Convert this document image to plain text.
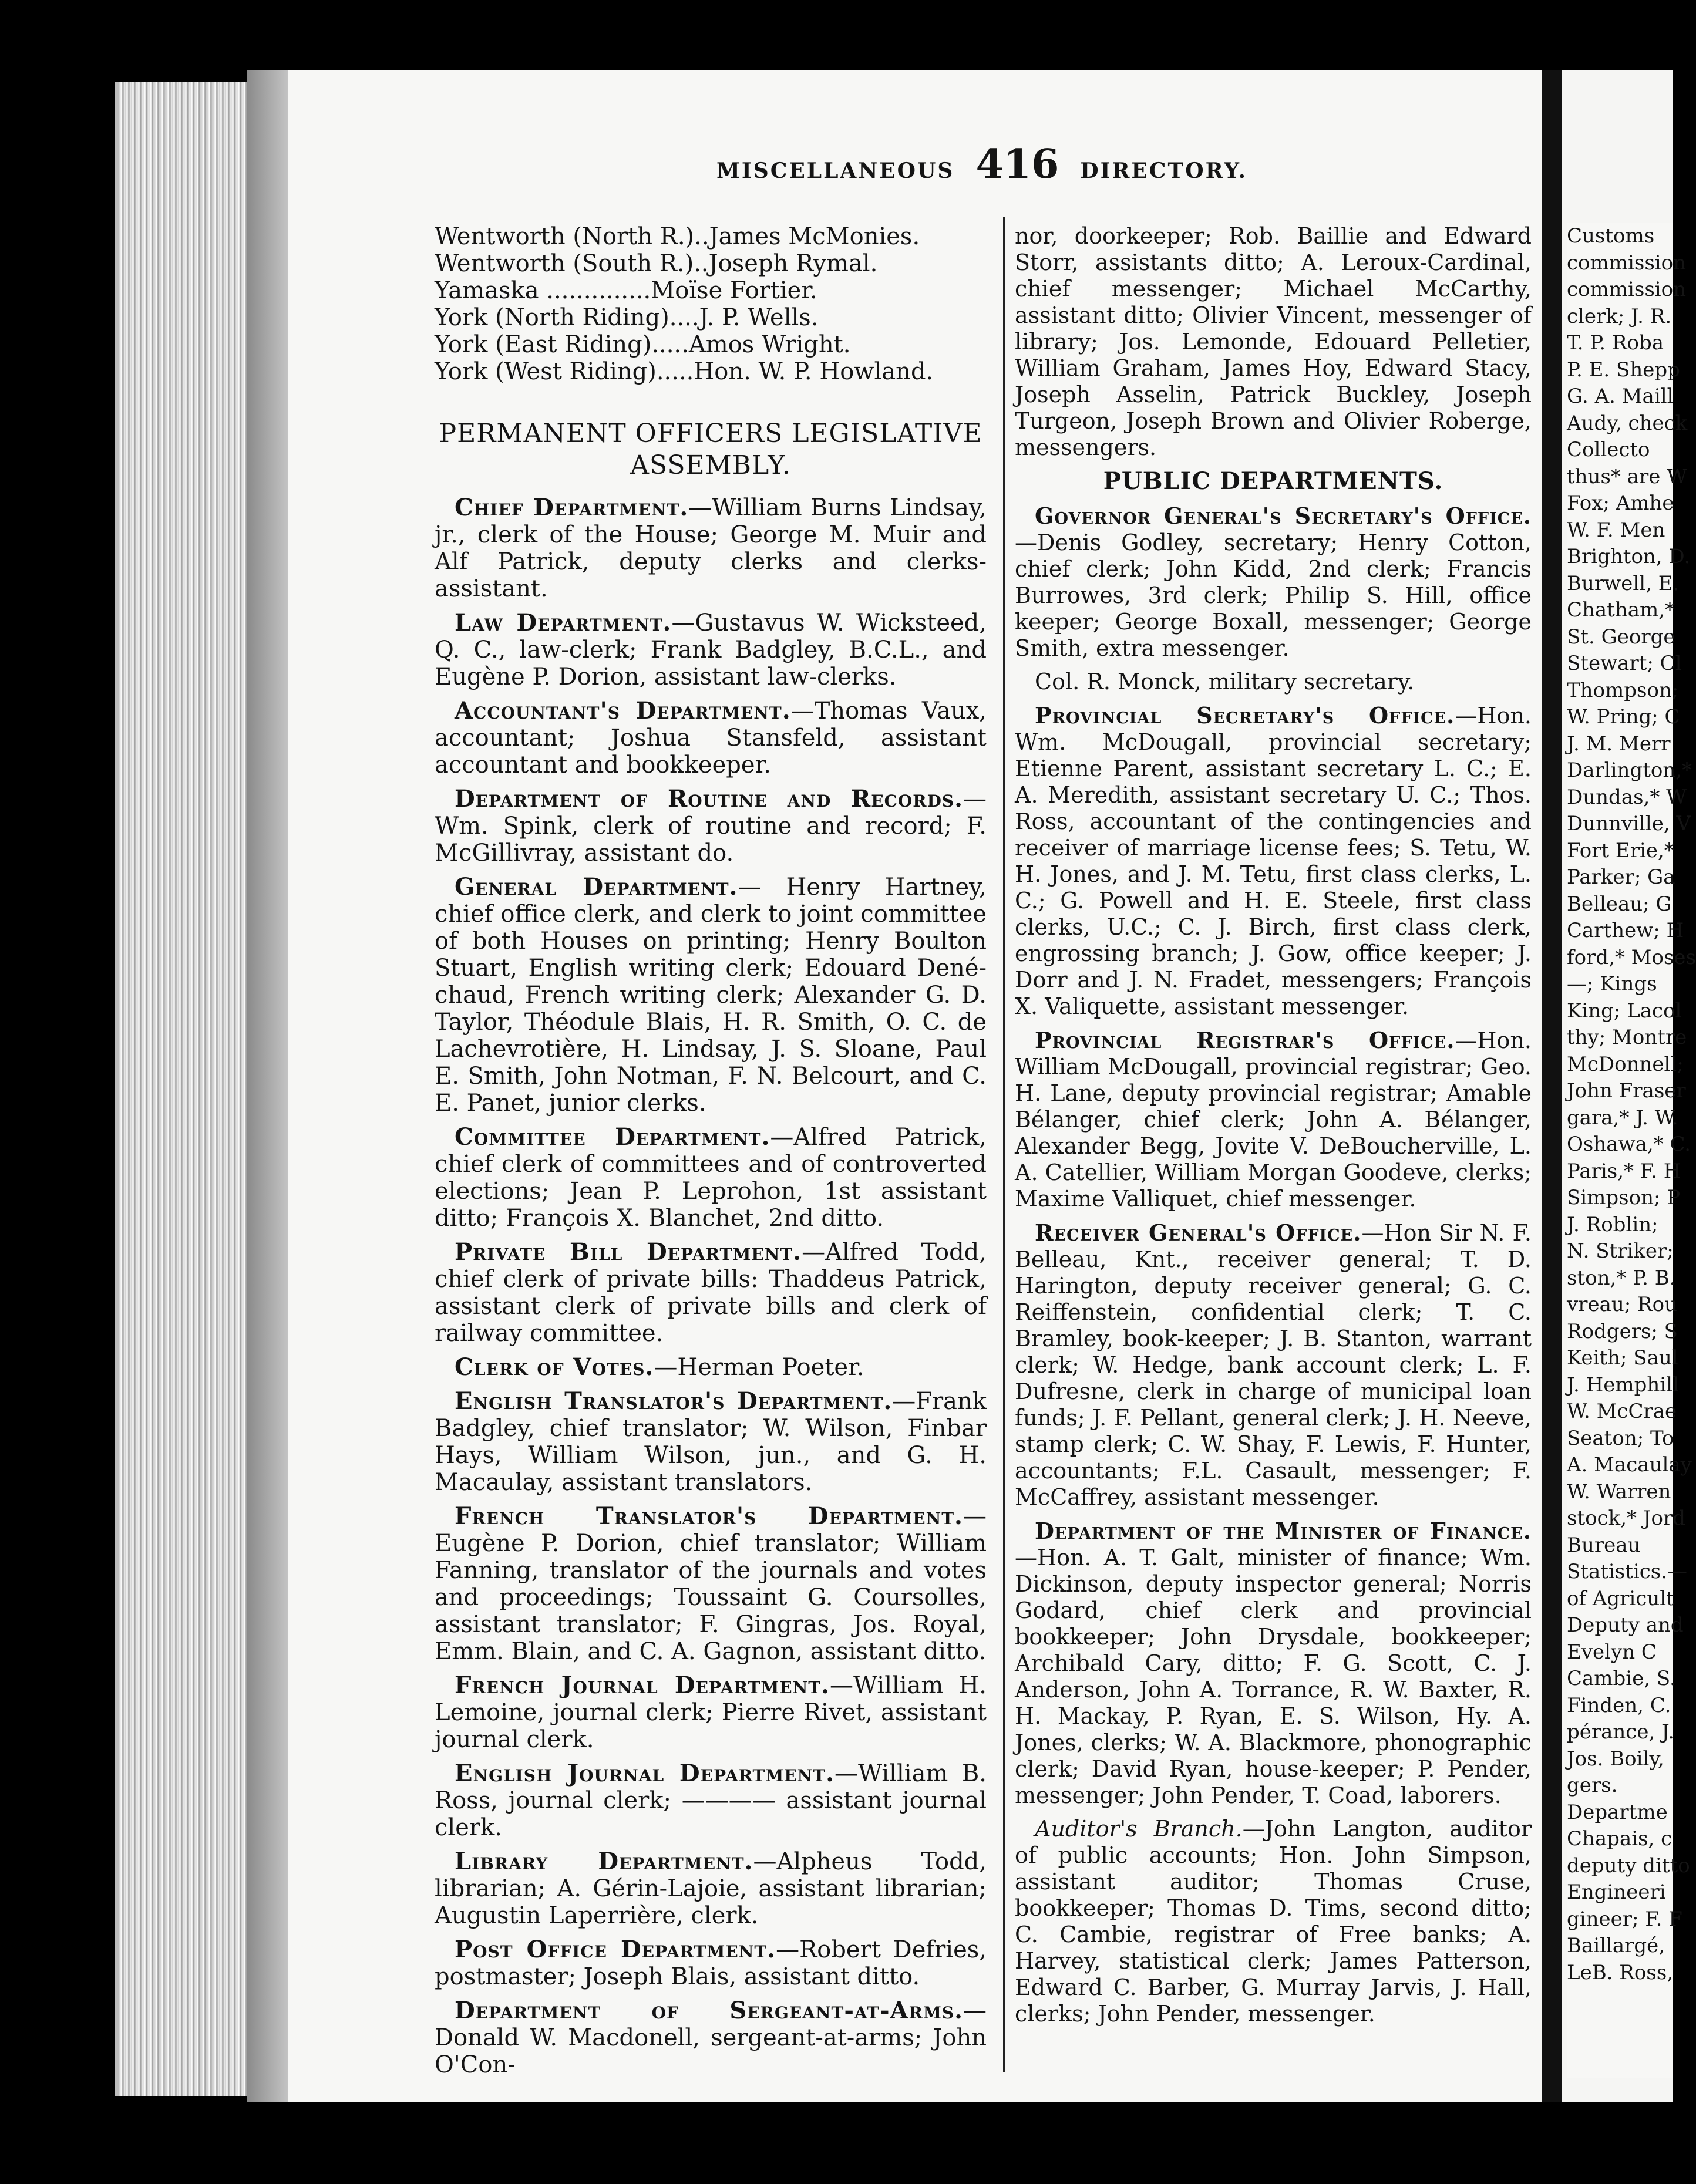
MISCELLANEOUS 416 DIRECTORY.

Wentworth (North R.)..James McMonies.

Wentworth (South R.)..Joseph Rymal.

Yamaska ..............Moïse Fortier.

York (North Riding)....J. P. Wells.

York (East Riding).....Amos Wright.

York (West Riding).....Hon. W. P. Howland.

PERMANENT OFFICERS LEGISLATIVE
ASSEMBLY.

Chief Department.—William Burns Lindsay, jr., clerk of the House; George M. Muir and Alf Patrick, deputy clerks and clerks-assistant.

Law Department.—Gustavus W. Wicksteed, Q. C., law-clerk; Frank Badgley, B.C.L., and Eugène P. Dorion, assistant law-clerks.

Accountant's Department.—Thomas Vaux, accountant; Joshua Stansfeld, assistant accountant and bookkeeper.

Department of Routine and Records.—Wm. Spink, clerk of routine and record; F. McGillivray, assistant do.

General Department.— Henry Hartney, chief office clerk, and clerk to joint committee of both Houses on printing; Henry Boulton Stuart, English writing clerk; Edouard Dené-chaud, French writing clerk; Alexander G. D. Taylor, Théodule Blais, H. R. Smith, O. C. de Lachevrotière, H. Lindsay, J. S. Sloane, Paul E. Smith, John Notman, F. N. Belcourt, and C. E. Panet, junior clerks.

Committee Department.—Alfred Patrick, chief clerk of committees and of controverted elections; Jean P. Leprohon, 1st assistant ditto; François X. Blanchet, 2nd ditto.

Private Bill Department.—Alfred Todd, chief clerk of private bills: Thaddeus Patrick, assistant clerk of private bills and clerk of railway committee.

Clerk of Votes.—Herman Poeter.

English Translator's Department.—Frank Badgley, chief translator; W. Wilson, Finbar Hays, William Wilson, jun., and G. H. Macaulay, assistant translators.

French Translator's Department.—Eugène P. Dorion, chief translator; William Fanning, translator of the journals and votes and proceedings; Toussaint G. Coursolles, assistant translator; F. Gingras, Jos. Royal, Emm. Blain, and C. A. Gagnon, assistant ditto.

French Journal Department.—William H. Lemoine, journal clerk; Pierre Rivet, assistant journal clerk.

English Journal Department.—William B. Ross, journal clerk; ———— assistant journal clerk.

Library Department.—Alpheus Todd, librarian; A. Gérin-Lajoie, assistant librarian; Augustin Laperrière, clerk.

Post Office Department.—Robert Defries, postmaster; Joseph Blais, assistant ditto.

Department of Sergeant-at-Arms.—Donald W. Macdonell, sergeant-at-arms; John O'Con-

nor, doorkeeper; Rob. Baillie and Edward Storr, assistants ditto; A. Leroux-Cardinal, chief messenger; Michael McCarthy, assistant ditto; Olivier Vincent, messenger of library; Jos. Lemonde, Edouard Pelletier, William Graham, James Hoy, Edward Stacy, Joseph Asselin, Patrick Buckley, Joseph Turgeon, Joseph Brown and Olivier Roberge, messengers.

PUBLIC DEPARTMENTS.

Governor General's Secretary's Office.—Denis Godley, secretary; Henry Cotton, chief clerk; John Kidd, 2nd clerk; Francis Burrowes, 3rd clerk; Philip S. Hill, office keeper; George Boxall, messenger; George Smith, extra messenger.

Col. R. Monck, military secretary.

Provincial Secretary's Office.—Hon. Wm. McDougall, provincial secretary; Etienne Parent, assistant secretary L. C.; E. A. Meredith, assistant secretary U. C.; Thos. Ross, accountant of the contingencies and receiver of marriage license fees; S. Tetu, W. H. Jones, and J. M. Tetu, first class clerks, L. C.; G. Powell and H. E. Steele, first class clerks, U.C.; C. J. Birch, first class clerk, engrossing branch; J. Gow, office keeper; J. Dorr and J. N. Fradet, messengers; François X. Valiquette, assistant messenger.

Provincial Registrar's Office.—Hon. William McDougall, provincial registrar; Geo. H. Lane, deputy provincial registrar; Amable Bélanger, chief clerk; John A. Bélanger, Alexander Begg, Jovite V. DeBoucherville, L. A. Catellier, William Morgan Goodeve, clerks; Maxime Valliquet, chief messenger.

Receiver General's Office.—Hon Sir N. F. Belleau, Knt., receiver general; T. D. Harington, deputy receiver general; G. C. Reiffenstein, confidential clerk; T. C. Bramley, book-keeper; J. B. Stanton, warrant clerk; W. Hedge, bank account clerk; L. F. Dufresne, clerk in charge of municipal loan funds; J. F. Pellant, general clerk; J. H. Neeve, stamp clerk; C. W. Shay, F. Lewis, F. Hunter, accountants; F.L. Casault, messenger; F. McCaffrey, assistant messenger.

Department of the Minister of Finance.—Hon. A. T. Galt, minister of finance; Wm. Dickinson, deputy inspector general; Norris Godard, chief clerk and provincial bookkeeper; John Drysdale, bookkeeper; Archibald Cary, ditto; F. G. Scott, C. J. Anderson, John A. Torrance, R. W. Baxter, R. H. Mackay, P. Ryan, E. S. Wilson, Hy. A. Jones, clerks; W. A. Blackmore, phonographic clerk; David Ryan, house-keeper; P. Pender, messenger; John Pender, T. Coad, laborers.

Auditor's Branch.—John Langton, auditor of public accounts; Hon. John Simpson, assistant auditor; Thomas Cruse, bookkeeper; Thomas D. Tims, second ditto; C. Cambie, registrar of Free banks; A. Harvey, statistical clerk; James Patterson, Edward C. Barber, G. Murray Jarvis, J. Hall, clerks; John Pender, messenger.

Customs

commission

commission

clerk; J. R.

T. P. Roba

P. E. Shepp

G. A. Maill

Audy, check

Collecto

thus* are W

Fox; Amhe

W. F. Men

Brighton, D.

Burwell, E.

Chatham,*

St. George

Stewart; Cl

Thompson;

W. Pring; C

J. M. Merr

Darlington,*

Dundas,* W

Dunnville, V

Fort Erie,*

Parker; Ga

Belleau; G

Carthew; H

ford,* Moses

—; Kings

King; Lacol

thy; Montre

McDonnell;

John Fraser

gara,* J. W.

Oshawa,* C.

Paris,* F. H

Simpson; P

J. Roblin;

N. Striker;

ston,* P. B.

vreau; Rou

Rodgers; S

Keith; Saul

J. Hemphill

W. McCrae

Seaton; To

A. Macaulay

W. Warren

stock,* Jord

Bureau

Statistics.—

of Agricult

Deputy and

Evelyn C

Cambie, S.

Finden, C.

pérance, J.

Jos. Boily,

gers.

Departme

Chapais, c

deputy ditto

Engineeri

gineer; F. F

Baillargé,

LeB. Ross,
